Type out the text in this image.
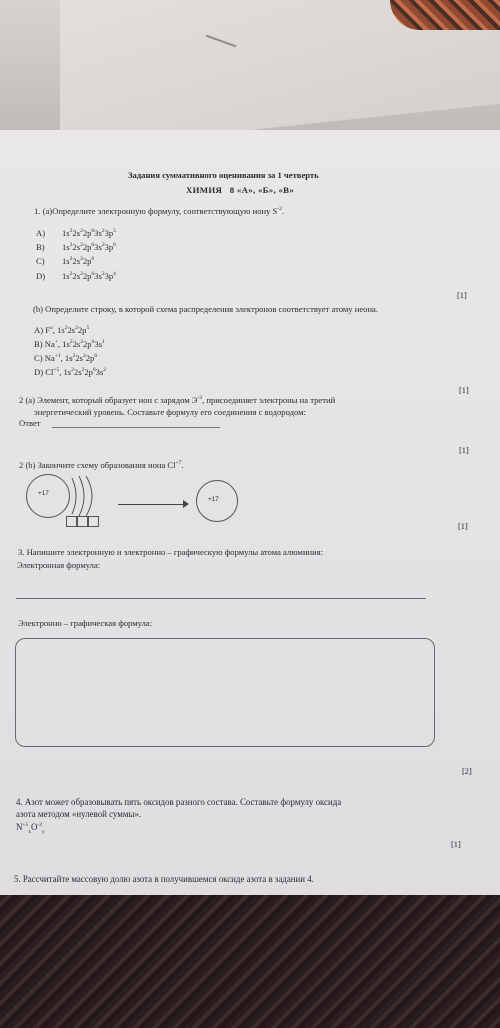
Задания суммативного оценивания за 1 четверть
ХИМИЯ 8 «А», «Б», «В»
1. (а)Определите электронную формулу, соответствующую иону $S^{-2}$.
A) $1s^22s^22p^63s^23p^5$
B) $1s^22s^22p^63s^23p^6$
C) $1s^22s^22p^6$
D) $1s^22s^22p^63s^23p^4$
[1]
(b) Определите строку, в которой схема распределения электронов соответствует атому неона.
A) $F^o$, $1s^22s^22p^5$
B) Na+, $1s^22s^22p^63s^1$
C) $Na^{+1}$, $1s^22s^22p^6$
D) $Cl^{+5}$, $1s^22s^22p^63s^2$
[1]
2 (а) Элемент, который образует ион с зарядом $Э^{-3}$, присоединяет электроны на третий
энергетический уровень. Составьте формулу его соединения с водородом:
Ответ
[1]
2 (b) Закончите схему образования иона $Cl^{+7}$.
+17
+17
[1]
3. Напишите электронную и электронно – графическую формулы атома алюминия:
Электронная формула:
Электронно – графическая формула:
[2]
4. Азот может образовывать пять оксидов разного состава. Составьте формулу оксида
азота методом «нулевой суммы».
$N^{+5}_xO^{-2}_y$
[1]
5. Рассчитайте массовую долю азота в получившемся оксиде азота в задании 4.
